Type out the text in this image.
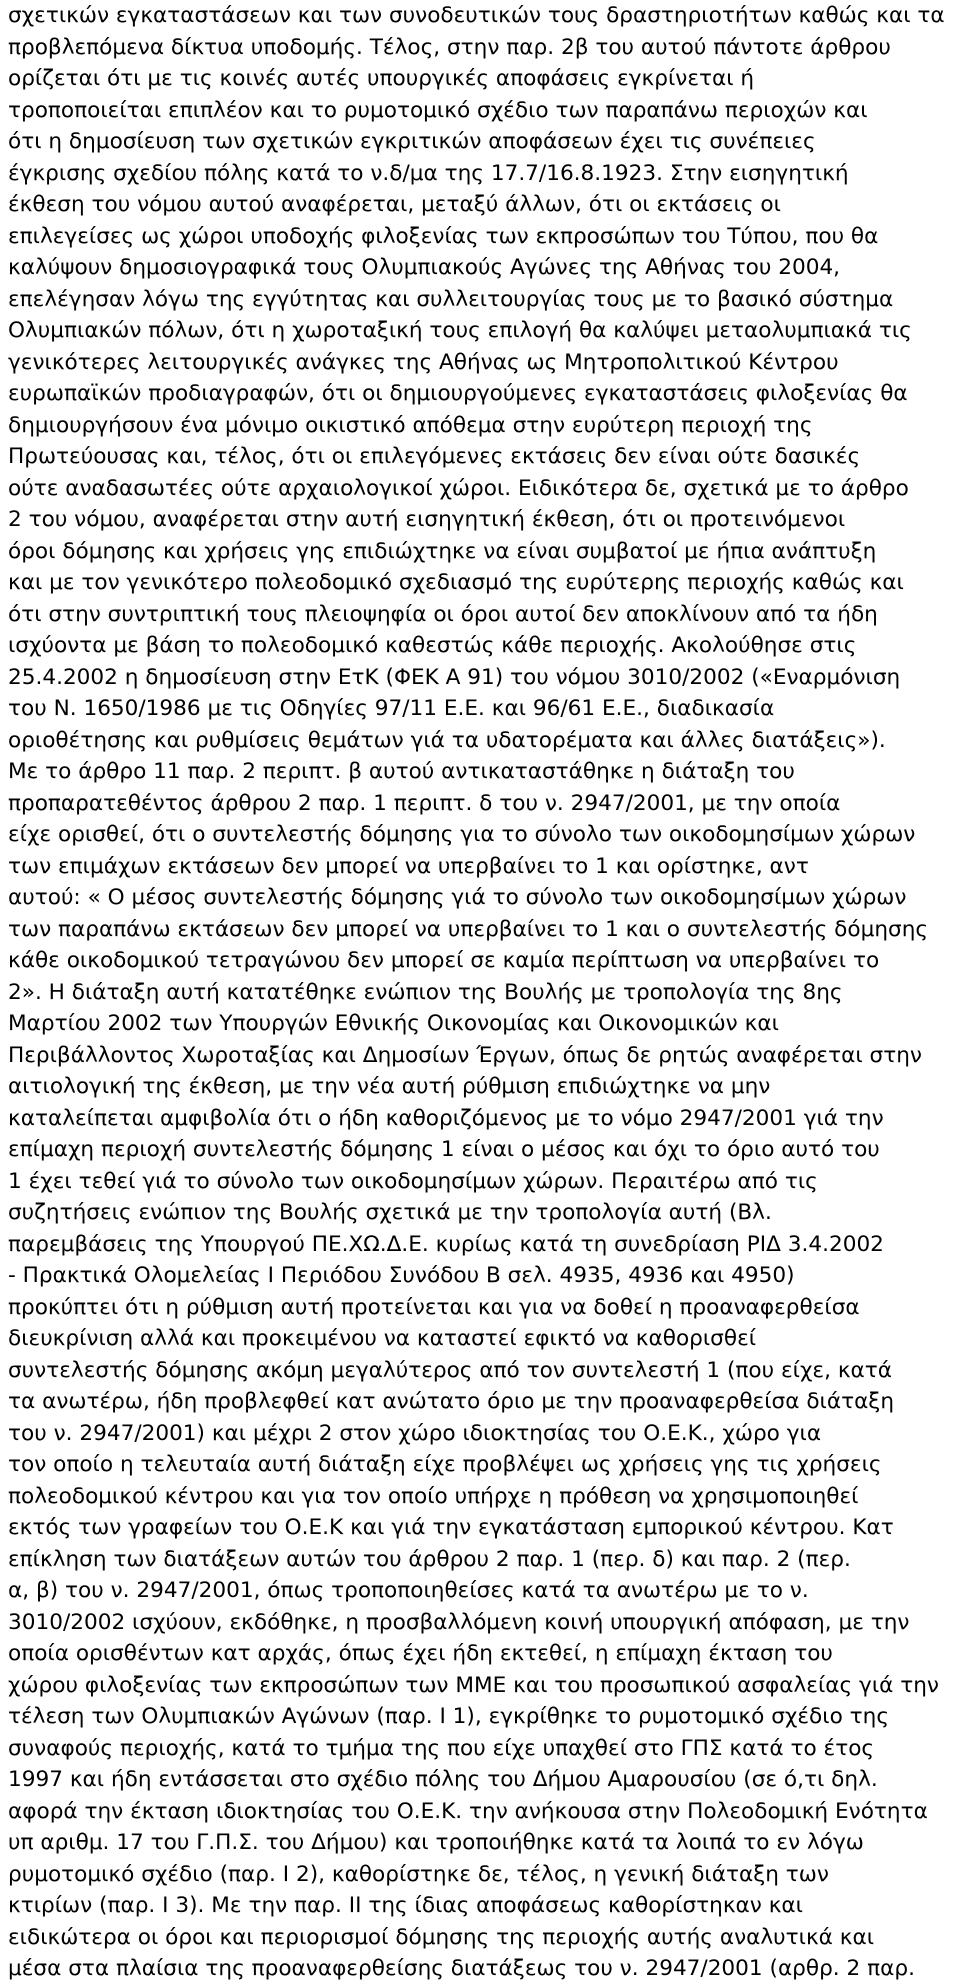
σχετικών εγκαταστάσεων και των συνοδευτικών τους δραστηριοτήτων καθώς και τα
προβλεπόμενα δίκτυα υποδομής. Τέλος, στην παρ. 2β του αυτού πάντοτε άρθρου
ορίζεται ότι με τις κοινές αυτές υπουργικές αποφάσεις εγκρίνεται ή
τροποποιείται επιπλέον και το ρυμοτομικό σχέδιο των παραπάνω περιοχών και
ότι η δημοσίευση των σχετικών εγκριτικών αποφάσεων έχει τις συνέπειες
έγκρισης σχεδίου πόλης κατά το ν.δ/μα της 17.7/16.8.1923. Στην εισηγητική
έκθεση του νόμου αυτού αναφέρεται, μεταξύ άλλων, ότι οι εκτάσεις οι
επιλεγείσες ως χώροι υποδοχής φιλοξενίας των εκπροσώπων του Τύπου, που θα
καλύψουν δημοσιογραφικά τους Ολυμπιακούς Αγώνες της Αθήνας του 2004,
επελέγησαν λόγω της εγγύτητας και συλλειτουργίας τους με το βασικό σύστημα
Ολυμπιακών πόλων, ότι η χωροταξική τους επιλογή θα καλύψει μεταολυμπιακά τις
γενικότερες λειτουργικές ανάγκες της Αθήνας ως Μητροπολιτικού Κέντρου
ευρωπαϊκών προδιαγραφών, ότι οι δημιουργούμενες εγκαταστάσεις φιλοξενίας θα
δημιουργήσουν ένα μόνιμο οικιστικό απόθεμα στην ευρύτερη περιοχή της
Πρωτεύουσας και, τέλος, ότι οι επιλεγόμενες εκτάσεις δεν είναι ούτε δασικές
ούτε αναδασωτέες ούτε αρχαιολογικοί χώροι. Ειδικότερα δε, σχετικά με το άρθρο
2 του νόμου, αναφέρεται στην αυτή εισηγητική έκθεση, ότι οι προτεινόμενοι
όροι δόμησης και χρήσεις γης επιδιώχτηκε να είναι συμβατοί με ήπια ανάπτυξη
και με τον γενικότερο πολεοδομικό σχεδιασμό της ευρύτερης περιοχής καθώς και
ότι στην συντριπτική τους πλειοψηφία οι όροι αυτοί δεν αποκλίνουν από τα ήδη
ισχύοντα με βάση το πολεοδομικό καθεστώς κάθε περιοχής. Ακολούθησε στις
25.4.2002 η δημοσίευση στην ΕτΚ (ΦΕΚ Α 91) του νόμου 3010/2002 («Εναρμόνιση
του Ν. 1650/1986 με τις Οδηγίες 97/11 Ε.Ε. και 96/61 Ε.Ε., διαδικασία
οριοθέτησης και ρυθμίσεις θεμάτων γιά τα υδατορέματα και άλλες διατάξεις»).
Με το άρθρο 11 παρ. 2 περιπτ. β αυτού αντικαταστάθηκε η διάταξη του
προπαρατεθέντος άρθρου 2 παρ. 1 περιπτ. δ του ν. 2947/2001, με την οποία
είχε ορισθεί, ότι ο συντελεστής δόμησης για το σύνολο των οικοδομησίμων χώρων
των επιμάχων εκτάσεων δεν μπορεί να υπερβαίνει το 1 και ορίστηκε, αντ
αυτού: « Ο μέσος συντελεστής δόμησης γιά το σύνολο των οικοδομησίμων χώρων
των παραπάνω εκτάσεων δεν μπορεί να υπερβαίνει το 1 και ο συντελεστής δόμησης
κάθε οικοδομικού τετραγώνου δεν μπορεί σε καμία περίπτωση να υπερβαίνει το
2». Η διάταξη αυτή κατατέθηκε ενώπιον της Βουλής με τροπολογία της 8ης
Μαρτίου 2002 των Υπουργών Εθνικής Οικονομίας και Οικονομικών και
Περιβάλλοντος Χωροταξίας και Δημοσίων Έργων, όπως δε ρητώς αναφέρεται στην
αιτιολογική της έκθεση, με την νέα αυτή ρύθμιση επιδιώχτηκε να μην
καταλείπεται αμφιβολία ότι ο ήδη καθοριζόμενος με το νόμο 2947/2001 γιά την
επίμαχη περιοχή συντελεστής δόμησης 1 είναι ο μέσος και όχι το όριο αυτό του
1 έχει τεθεί γιά το σύνολο των οικοδομησίμων χώρων. Περαιτέρω από τις
συζητήσεις ενώπιον της Βουλής σχετικά με την τροπολογία αυτή (Βλ.
παρεμβάσεις της Υπουργού ΠΕ.ΧΩ.Δ.Ε. κυρίως κατά τη συνεδρίαση ΡΙΔ 3.4.2002
- Πρακτικά Ολομελείας Ι Περιόδου Συνόδου Β σελ. 4935, 4936 και 4950)
προκύπτει ότι η ρύθμιση αυτή προτείνεται και για να δοθεί η προαναφερθείσα
διευκρίνιση αλλά και προκειμένου να καταστεί εφικτό να καθορισθεί
συντελεστής δόμησης ακόμη μεγαλύτερος από τον συντελεστή 1 (που είχε, κατά
τα ανωτέρω, ήδη προβλεφθεί κατ ανώτατο όριο με την προαναφερθείσα διάταξη
του ν. 2947/2001) και μέχρι 2 στον χώρο ιδιοκτησίας του Ο.Ε.Κ., χώρο για
τον οποίο η τελευταία αυτή διάταξη είχε προβλέψει ως χρήσεις γης τις χρήσεις
πολεοδομικού κέντρου και για τον οποίο υπήρχε η πρόθεση να χρησιμοποιηθεί
εκτός των γραφείων του Ο.Ε.Κ και γιά την εγκατάσταση εμπορικού κέντρου. Κατ
επίκληση των διατάξεων αυτών του άρθρου 2 παρ. 1 (περ. δ) και παρ. 2 (περ.
α, β) του ν. 2947/2001, όπως τροποποιηθείσες κατά τα ανωτέρω με το ν.
3010/2002 ισχύουν, εκδόθηκε, η προσβαλλόμενη κοινή υπουργική απόφαση, με την
οποία ορισθέντων κατ αρχάς, όπως έχει ήδη εκτεθεί, η επίμαχη έκταση του
χώρου φιλοξενίας των εκπροσώπων των ΜΜΕ και του προσωπικού ασφαλείας γιά την
τέλεση των Ολυμπιακών Αγώνων (παρ. Ι 1), εγκρίθηκε το ρυμοτομικό σχέδιο της
συναφούς περιοχής, κατά το τμήμα της που είχε υπαχθεί στο ΓΠΣ κατά το έτος
1997 και ήδη εντάσσεται στο σχέδιο πόλης του Δήμου Αμαρουσίου (σε ό,τι δηλ.
αφορά την έκταση ιδιοκτησίας του Ο.Ε.Κ. την ανήκουσα στην Πολεοδομική Ενότητα
υπ αριθμ. 17 του Γ.Π.Σ. του Δήμου) και τροποιήθηκε κατά τα λοιπά το εν λόγω
ρυμοτομικό σχέδιο (παρ. Ι 2), καθορίστηκε δε, τέλος, η γενική διάταξη των
κτιρίων (παρ. Ι 3). Με την παρ. ΙΙ της ίδιας αποφάσεως καθορίστηκαν και
ειδικώτερα οι όροι και περιορισμοί δόμησης της περιοχής αυτής αναλυτικά και
μέσα στα πλαίσια της προαναφερθείσης διατάξεως του ν. 2947/2001 (αρθρ. 2 παρ.
